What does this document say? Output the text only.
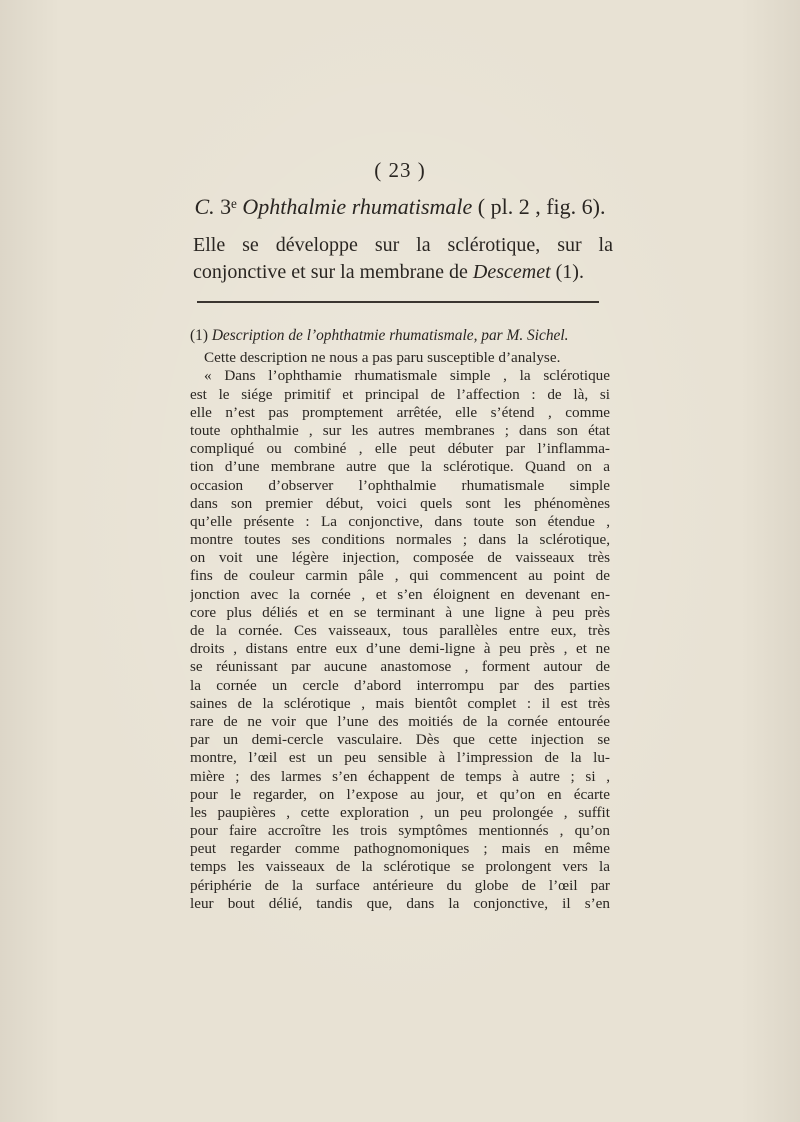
( 23 )
C. 3ᵉ Ophthalmie rhumatismale ( pl. 2 , fig. 6).
Elle se développe sur la sclérotique, sur la
conjonctive et sur la membrane de Descemet (1).
(1) Description de l’ophthatmie rhumatismale, par M. Sichel.
Cette description ne nous a pas paru susceptible d’analyse.
« Dans l’ophthamie rhumatismale simple , la sclérotique
est le siége primitif et principal de l’affection : de là, si
elle n’est pas promptement arrêtée, elle s’étend , comme
toute ophthalmie , sur les autres membranes ; dans son état
compliqué ou combiné , elle peut débuter par l’inflamma-
tion d’une membrane autre que la sclérotique. Quand on a
occasion d’observer l’ophthalmie rhumatismale simple
dans son premier début, voici quels sont les phénomènes
qu’elle présente : La conjonctive, dans toute son étendue ,
montre toutes ses conditions normales ; dans la sclérotique,
on voit une légère injection, composée de vaisseaux très
fins de couleur carmin pâle , qui commencent au point de
jonction avec la cornée , et s’en éloignent en devenant en-
core plus déliés et en se terminant à une ligne à peu près
de la cornée. Ces vaisseaux, tous parallèles entre eux, très
droits , distans entre eux d’une demi-ligne à peu près , et ne
se réunissant par aucune anastomose , forment autour de
la cornée un cercle d’abord interrompu par des parties
saines de la sclérotique , mais bientôt complet : il est très
rare de ne voir que l’une des moitiés de la cornée entourée
par un demi-cercle vasculaire. Dès que cette injection se
montre, l’œil est un peu sensible à l’impression de la lu-
mière ; des larmes s’en échappent de temps à autre ; si ,
pour le regarder, on l’expose au jour, et qu’on en écarte
les paupières , cette exploration , un peu prolongée , suffit
pour faire accroître les trois symptômes mentionnés , qu’on
peut regarder comme pathognomoniques ; mais en même
temps les vaisseaux de la sclérotique se prolongent vers la
périphérie de la surface antérieure du globe de l’œil par
leur bout délié, tandis que, dans la conjonctive, il s’en
